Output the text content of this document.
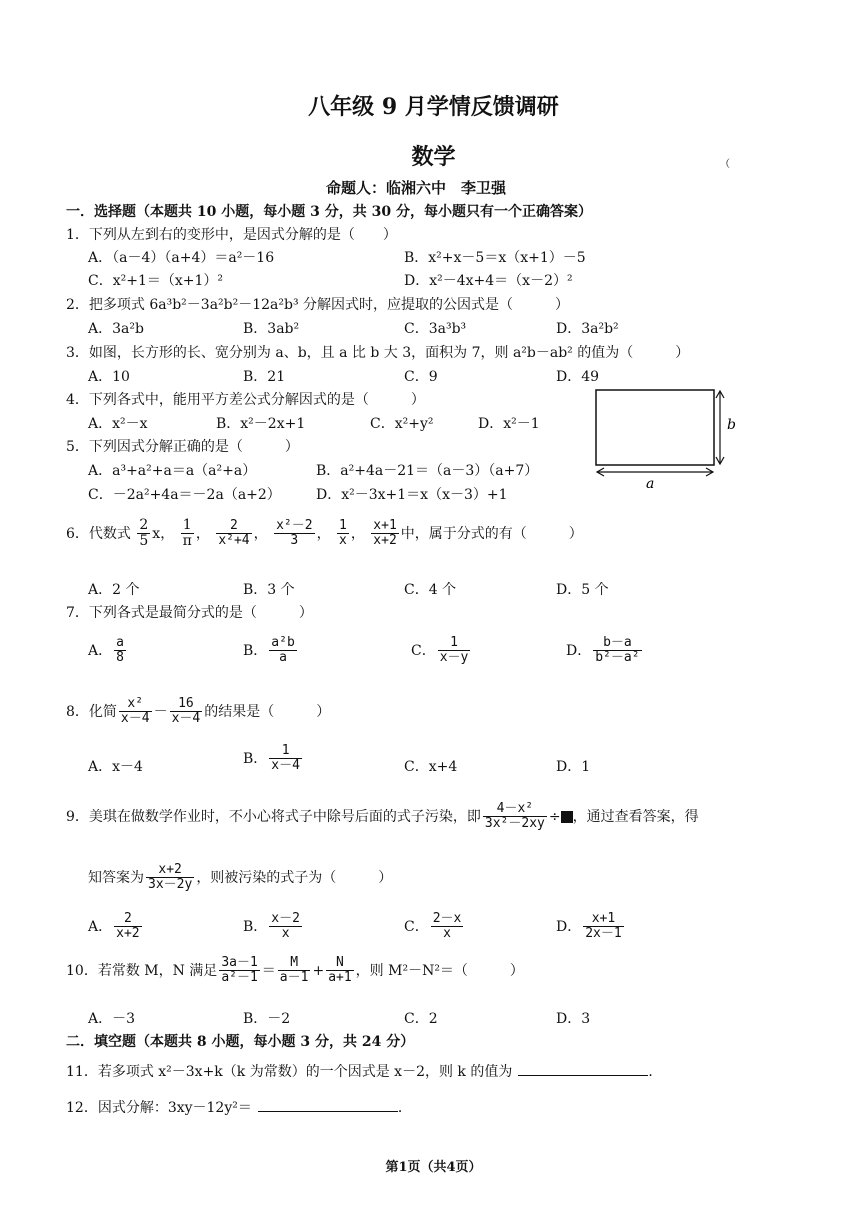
八年级 9 月学情反馈调研
数学	（
命题人：临湘六中　李卫强
一．选择题（本题共 10 小题，每小题 3 分，共 30 分，每小题只有一个正确答案）
1．下列从左到右的变形中，是因式分解的是（　　）
A．（a－4）（a+4）＝a²－16	B．x²+x－5＝x（x+1）－5
C．x²+1＝（x+1）²	D．x²－4x+4＝（x－2）²
2．把多项式 6a³b²－3a²b²－12a²b³ 分解因式时，应提取的公因式是（　　　）
A．3a²b	B．3ab²	C．3a³b³	D．3a²b²
3．如图，长方形的长、宽分别为 a、b，且 a 比 b 大 3，面积为 7，则 a²b－ab² 的值为（　　　）
A．10	B．21	C．9	D．49
4．下列各式中，能用平方差公式分解因式的是（　　　）
A．x²－x	B．x²－2x+1	C．x²+y²	D．x²－1
5．下列因式分解正确的是（　　　）
A．a³+a²+a＝a（a²+a）	B．a²+4a－21＝（a－3）（a+7）
C．－2a²+4a＝－2a（a+2）	D．x²－3x+1＝x（x－3）+1
b
a
6．代数式 $\frac{2}{5}$ x， $\frac{1}{\pi}$ ， $\frac{2}{\text{x²+4}}$ ， $\frac{\text{x²－2}}{3}$ ， $\frac{1}{x}$ ， $\frac{x+1}{x+2}$ 中，属于分式的有（　　　）
A．2 个	B．3 个	C．4 个	D．5 个
7．下列各式是最简分式的是（　　　）
A． $\frac{a}{8}$	B． $\frac{\text{a²b}}{a}$	C． $\frac{1}{x-y}$	D． $\frac{b-a}{\text{b²－a²}}$
8．化简 $\frac{\text{x²}}{x-4} - \frac{16}{x-4}$ 的结果是（　　　）
A．x－4
B． $\frac{1}{x-4}$	C．x+4	D．1
9．美琪在做数学作业时，不小心将式子中除号后面的式子污染，即 $\frac{\text{4－x²}}{\text{3x²－2xy}}$ ÷ ，通过查看答案，得
知答案为 $\frac{x+2}{3x-2y}$ ，则被污染的式子为（　　　）
A． $\frac{2}{x+2}$	B． $\frac{x-2}{x}$	C． $\frac{2-x}{x}$	D． $\frac{x+1}{2x-1}$
10．若常数 M，N 满足 $\frac{3a-1}{\text{a²－1}} = \frac{M}{a-1} + \frac{N}{a+1}$ ，则 M²－N²＝（　　　）
A．－3	B．－2	C．2	D．3
二．填空题（本题共 8 小题，每小题 3 分，共 24 分）
11．若多项式 x²－3x+k（k 为常数）的一个因式是 x－2，则 k 的值为	．
12．因式分解：3xy－12y²＝	．
第1页（共4页）
